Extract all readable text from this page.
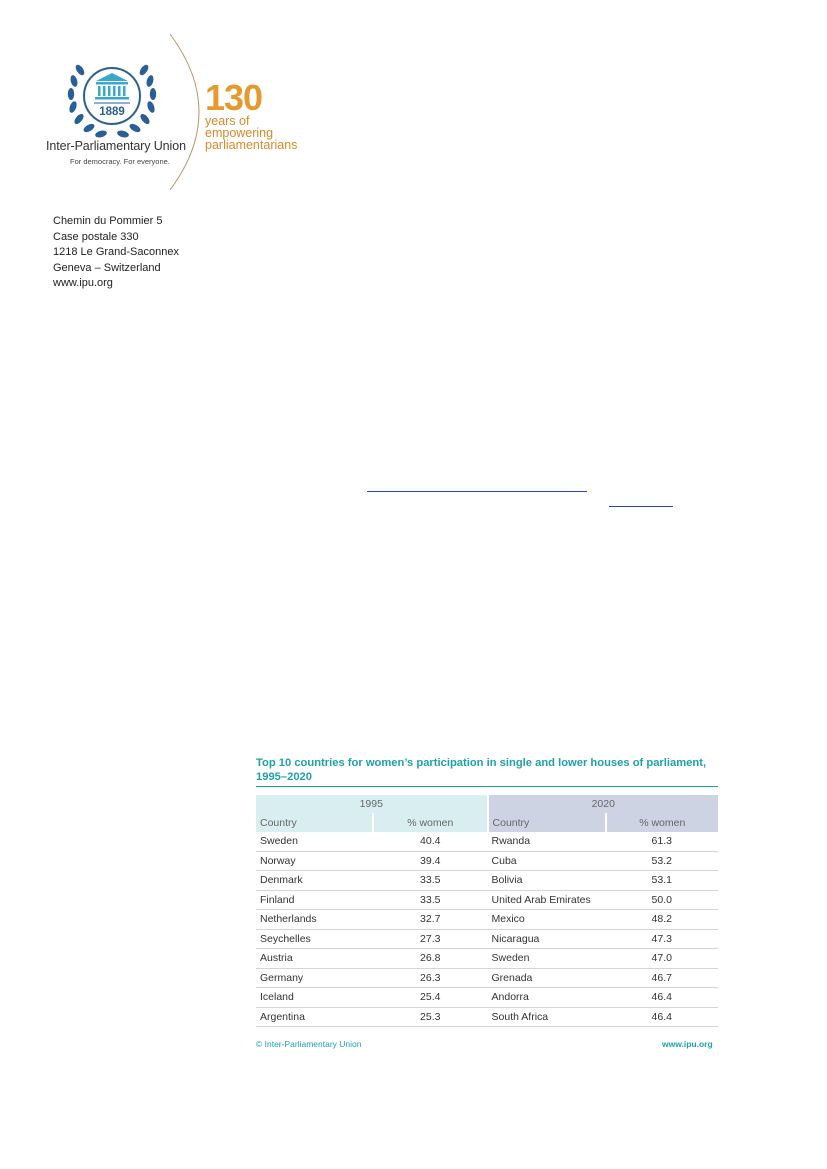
1889
Inter-Parliamentary Union
For democracy. For everyone.
130
years of
empowering
parliamentarians
Chemin du Pommier 5
Case postale 330
1218 Le Grand-Saconnex
Geneva – Switzerland
www.ipu.org
Top 10 countries for women’s participation in single and lower houses of parliament, 1995–2020
1995		2020	
Country	% women	Country	% women
Sweden	40.4	Rwanda	61.3
Norway	39.4	Cuba	53.2
Denmark	33.5	Bolivia	53.1
Finland	33.5	United Arab Emirates	50.0
Netherlands	32.7	Mexico	48.2
Seychelles	27.3	Nicaragua	47.3
Austria	26.8	Sweden	47.0
Germany	26.3	Grenada	46.7
Iceland	25.4	Andorra	46.4
Argentina	25.3	South Africa	46.4
© Inter-Parliamentary Union	www.ipu.org
